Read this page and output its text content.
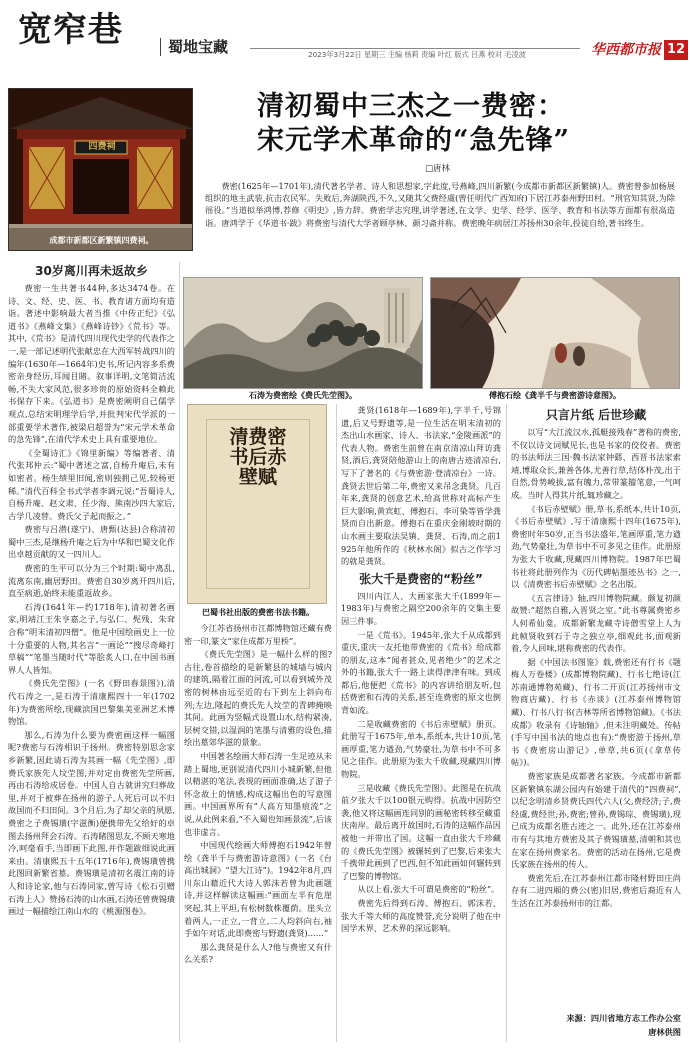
宽窄巷	蜀地宝藏	2023年3月22日 星期三 主编 杨莉 责编 叶红 版式 吕燕 校对 毛凌波	华西都市报 12
四费祠
成都市新都区新繁镇四费祠。
清初蜀中三杰之一费密：
宋元学术革命的“急先锋”
□唐林

费密(1625年—1701年),清代著名学者、诗人和思想家,字此度,号燕峰,四川新繁(今成都市新都区新繁镇)人。费密曾参加杨展组织的地主武装,抗击农民军。失败后,奔湖陕西,不久,又随其父费经虞(曾任明代广西知府)下居江苏泰州野田村。“刑官知其贤,为除徭役。”当道拟举鸿博,荐修《明史》,皆力辞。费密学志究理,讲学著述,在文学、史学、经学、医学、教育和书法等方面都有很高造诣。唐鸿学于《华道书·跋》将费密与清代大学者顾亭林、颜习斋并称。费密晚年病居江苏扬州30余年,投徒自给,著书终生。

30岁离川再未返故乡

费密一生共著书44种,多达3474卷。在诗、文、经、史、医、书、教育诸方面均有造诣。著述中影响最大者当推《中传正纪》《弘道书》《燕峰文集》《燕峰诗钞》《荒书》等。其中,《荒书》是清代四川现代史学的代表作之一,是一部记述明代张献忠在大西军转战四川的编年(1630年—1664年)史书,所记内容多系费密亲身经历,耳闻目睹。叙事详明,文笔简洁流畅,不失大家风范,很多珍贵的原始资料全赖此书保存下来。《弘道书》是费密阐明自己儒学观点,总结宋明理学后学,并批判宋代学派的一部重要学术著作,被梁启超誉为“宋元学术革命的急先锋”,在清代学术史上具有重要地位。

《全蜀诗汇》《锦里新编》等编著者、清代张邦仲云:“蜀中著述之富,自杨升庵后,未有如密者。杨生绩里旧闻,密则独拥己见,较杨更稀。”清代百科全书式学者李调元说:“吾蜀诗人,自杨升庵、赵文肃、任少海、熊南沙四大家后,古学几凌替。费氏父子起而振之。”

费密与吕潜(遂宁)、唐甄(达县)合称清初蜀中三杰,是继杨升庵之后为中华和巴蜀文化作出卓越贡献的又一四川人。

费密的生平可以分为三个时期:蜀中离乱,流离东南,幽居野田。费密自30岁离开四川后,直至病逝,始终未能重返故乡。

石涛(1641年—约1718年),清初著名画家,明靖江王朱亨嘉之子,与弘仁、髡残、朱耷合称“明末清初四僧”。他是中国绘画史上一位十分重要的人物,其名言“一画论”“搜尽奇峰打草稿”“笔墨当随时代”等脍炙人口,在中国书画界人人皆知。

《费氏先茔图》(一名《野田春景图》),清代石涛之一,是石涛于清康熙四十一年(1702年)为费密所绘,现藏滨国巴黎集美亚洲艺术博物馆。

那么,石涛为什么要为费密画这样一幅图呢?费密与石涛相识于扬州。费密特别思念家乡新繁,因此请石涛为其画一幅《先茔图》,即费氏家族先人坟茔图,并对定由费密先茔所画,再由石涛给成居卷。中国人自古就讲究归葬故里,并对于被葬在扬州的游子,人死后可以不归故国而不归田间。3个月后,为了却父亲的夙愿,费密之子费锡璜(字滋衡)便携带先父给好的卓图去扬州拜会石涛。石涛睹图思友,不顾天寒地冷,呵毫看手,当即画下此图,并作题跋细说此画来由。清康熙五十五年(1716年),费锡璜曾携此图回新繁省墓。费锡璜是清初名震江南的诗人和诗论家,他与石涛同家,曾写诗《松石引赠石涛上人》赞扬石涛的山水画,石涛还曾费锡璜画过一幅描绘江南山水的《桃源图卷》。

石涛为费密绘《费氏先茔图》。	傅抱石绘《龚半千与费密游诗意图》。
清费密书后赤壁赋
巴蜀书社出版的费密书法书籍。

今江苏省扬州市江都博物馆还藏有费密一印,篆文“家住成都万里桥”。

《费氏先茔图》是一幅什么样的图?古往,卷首描绘的是新繁县的城墙与城内的建筑,隔着江面的河流,可以看到城外茂密的树林由远至近的右下到左上斜向布列;左边,隆起的费氏先人坟茔的青碑掩映其间。此画为竖幅式设置山水,结构紧凑,层树交错,以湿润的笔墨与清雅的设色,描绘出墓郊华滋的景象。

中国著名绘画大师石涛一生足迹从未踏上蜀地,更别说清代四川小城新繁,但他以精湛的笔法,表现的画面准确,达了游子怀念故土的情感,构成这幅出色的写意图画。中国画界所有“人高方知墨痕流”之说,从此例来看,“不入蜀也知画景流”,后该也非虚言。

中国现代绘画大师傅抱石1942年曾绘《龚半千与费密游诗意图》(一名《台高出城洞》“望大江诗”)。1942年8月,四川东山藉近代大诗人郭沫若曾为此画题诗,并这样解读这幅画:“画面左半有危崖突起,其上平坦,有松树数株覆荫。崖头立着两人,一正立,一背立,二人均斜向右,袖手如午对话,此即费密与野遗(龚贤)……”

那么龚贤是什么人?他与费密又有什么关系?

龚贤(1618年—1689年),字半千,号锦遗,后又号野遗等,是一位生活在明末清初的杰出山水画家、诗人、书法家,“金陵画派”的代表人物。费密生前曾在南京清凉山拜访龚贤,酒后,龚贤陪他游山上的南唐古迹清凉台,写下了著名的《与费密游·登清凉台》一诗。龚贤去世后第二年,费密又来吊念龚贤。几百年来,龚贤的创意艺术,给高世称对高标产生巨大影响,黄宾虹、傅抱石、李可染等皆学龚贤而自出新意。傅抱石在重庆金刚坡时期的山水画主要取法吴镇、龚贤、石涛,而之前1925年他所作的《秋林水阁》拟古之作学习的就是龚贤。

张大千是费密的“粉丝”

四川内江人、大画家张大千(1899年—1983年)与费密之隔空200余年的交集主要因三件事。

一是《荒书》。1945年,张大千从成都到重庆,重庆一友托他带费密的《荒书》给成都的朋友,这本“闻者甚众,见者绝少”的艺术之外的书籍,张大千一路上读得津津有味。到成都后,他便把《荒书》的内容讲给朋友听,包括费密和石涛的关系,甚至连费密的原文也倒背如流。

二是收藏费密的《书后赤壁赋》册页。此册写于1675年,单本,系纸本,共计10页,笔画厚重,笔力遒劲,气势豪壮,为草书中不可多见之佳作。此册原为张大千收藏,现藏四川博物院。

三是收藏《费氏先茔图》。此图是在抗战前夕张大千以100银元购得。抗战中因防空袭,他又将这幅画连同别的画秘密转移至藏重庆南岸。最后离开故国时,石涛的这幅作品因被他一并带出了国。这幅一直由张大千珍藏的《费氏先茔图》被辗转到了巴黎,后来张大千携带此画到了巴西,但不知此画如何辗转到了巴黎的博物馆。

从以上看,张大千可谓是费密的“粉丝”。

费密先后得到石涛、傅抱石、郭沫若、张大千等大师的高度赞誉,充分说明了他在中国学术界、艺术界的深远影响。

只言片纸 后世珍藏

以写“大江流汉水,孤艇接残春”著称的费密,不仅以诗文词赋见长,也是书家的佼佼者。费密的书法师法三国·魏书法家钟繇、西晋书法家索靖,博取众长,兼善各体,尤善行草,结体朴茂,出于自然,骨势峻拔,富有魄力,常带篆籀笔意,一气呵成。当时人得其片纸,辄珍藏之。

《书后赤壁赋》册,草书,系纸本,共计10页,《书后赤壁赋》,写于清康熙十四年(1675年),费密时年50岁,正当书法盛年,笔画厚重,笔力遒劲,气势豪壮,为草书中不可多见之佳作。此册原为张大千收藏,现藏四川博物院。1987年巴蜀书社将此册列作为《历代碑帖墨迹丛书》之一,以《清费密书后赤壁赋》之名出版。

《五言律诗》轴,四川博物院藏。颇复初颜故赞:“超然自雅,入晋贤之室。”此书尊属费密乡人何希仙龛。成都新繁龙藏寺诗僧雪堂上人为此帧贤收到石于寺之独立亭,细观此书,面观新着,令人回味,堪称费密的代表作。

据《中国法书图鉴》载,费密还有行书《题梅人万卷楼》(成都博物院藏)、行书七绝诗(江苏南通博物苑藏)、行书二开页(江苏扬州市文物商店藏)、行书《赤谈》(江苏泰州博物馆藏)、行书八行书(吉林等所省博物馆藏)。《书法成都》收录有《诗轴轴》,但未注明藏处。传帖(手写中国书法的地点也有):“费密游于扬州,草书《费密房山游记》,单草,共6页(《拿草传帖》)。

费密家族是成都著名家族。今成都市新都区新繁镇东湖公园内有始建于清代的“四费祠”,以纪念明清乡贤费氏四代六人(父,费经济;子,费经虞,费经世;孙,费密;曾孙,费锡琮、费锡璜),现已成为成都名胜古迹之一。此外,还在江苏泰州市有与其地方费密及其子费锡璜墓,清朝和其也在家在扬州费家名。费密的活动在扬州,它是费氏家族在扬州的传人。

费密先后,在江苏泰州江都市隆村野田庄尚存有二进四厢的费公(密)旧居,费密后裔近有人生活在江苏泰扬州市的江都。

来源：四川省地方志工作办公室
唐林供图
